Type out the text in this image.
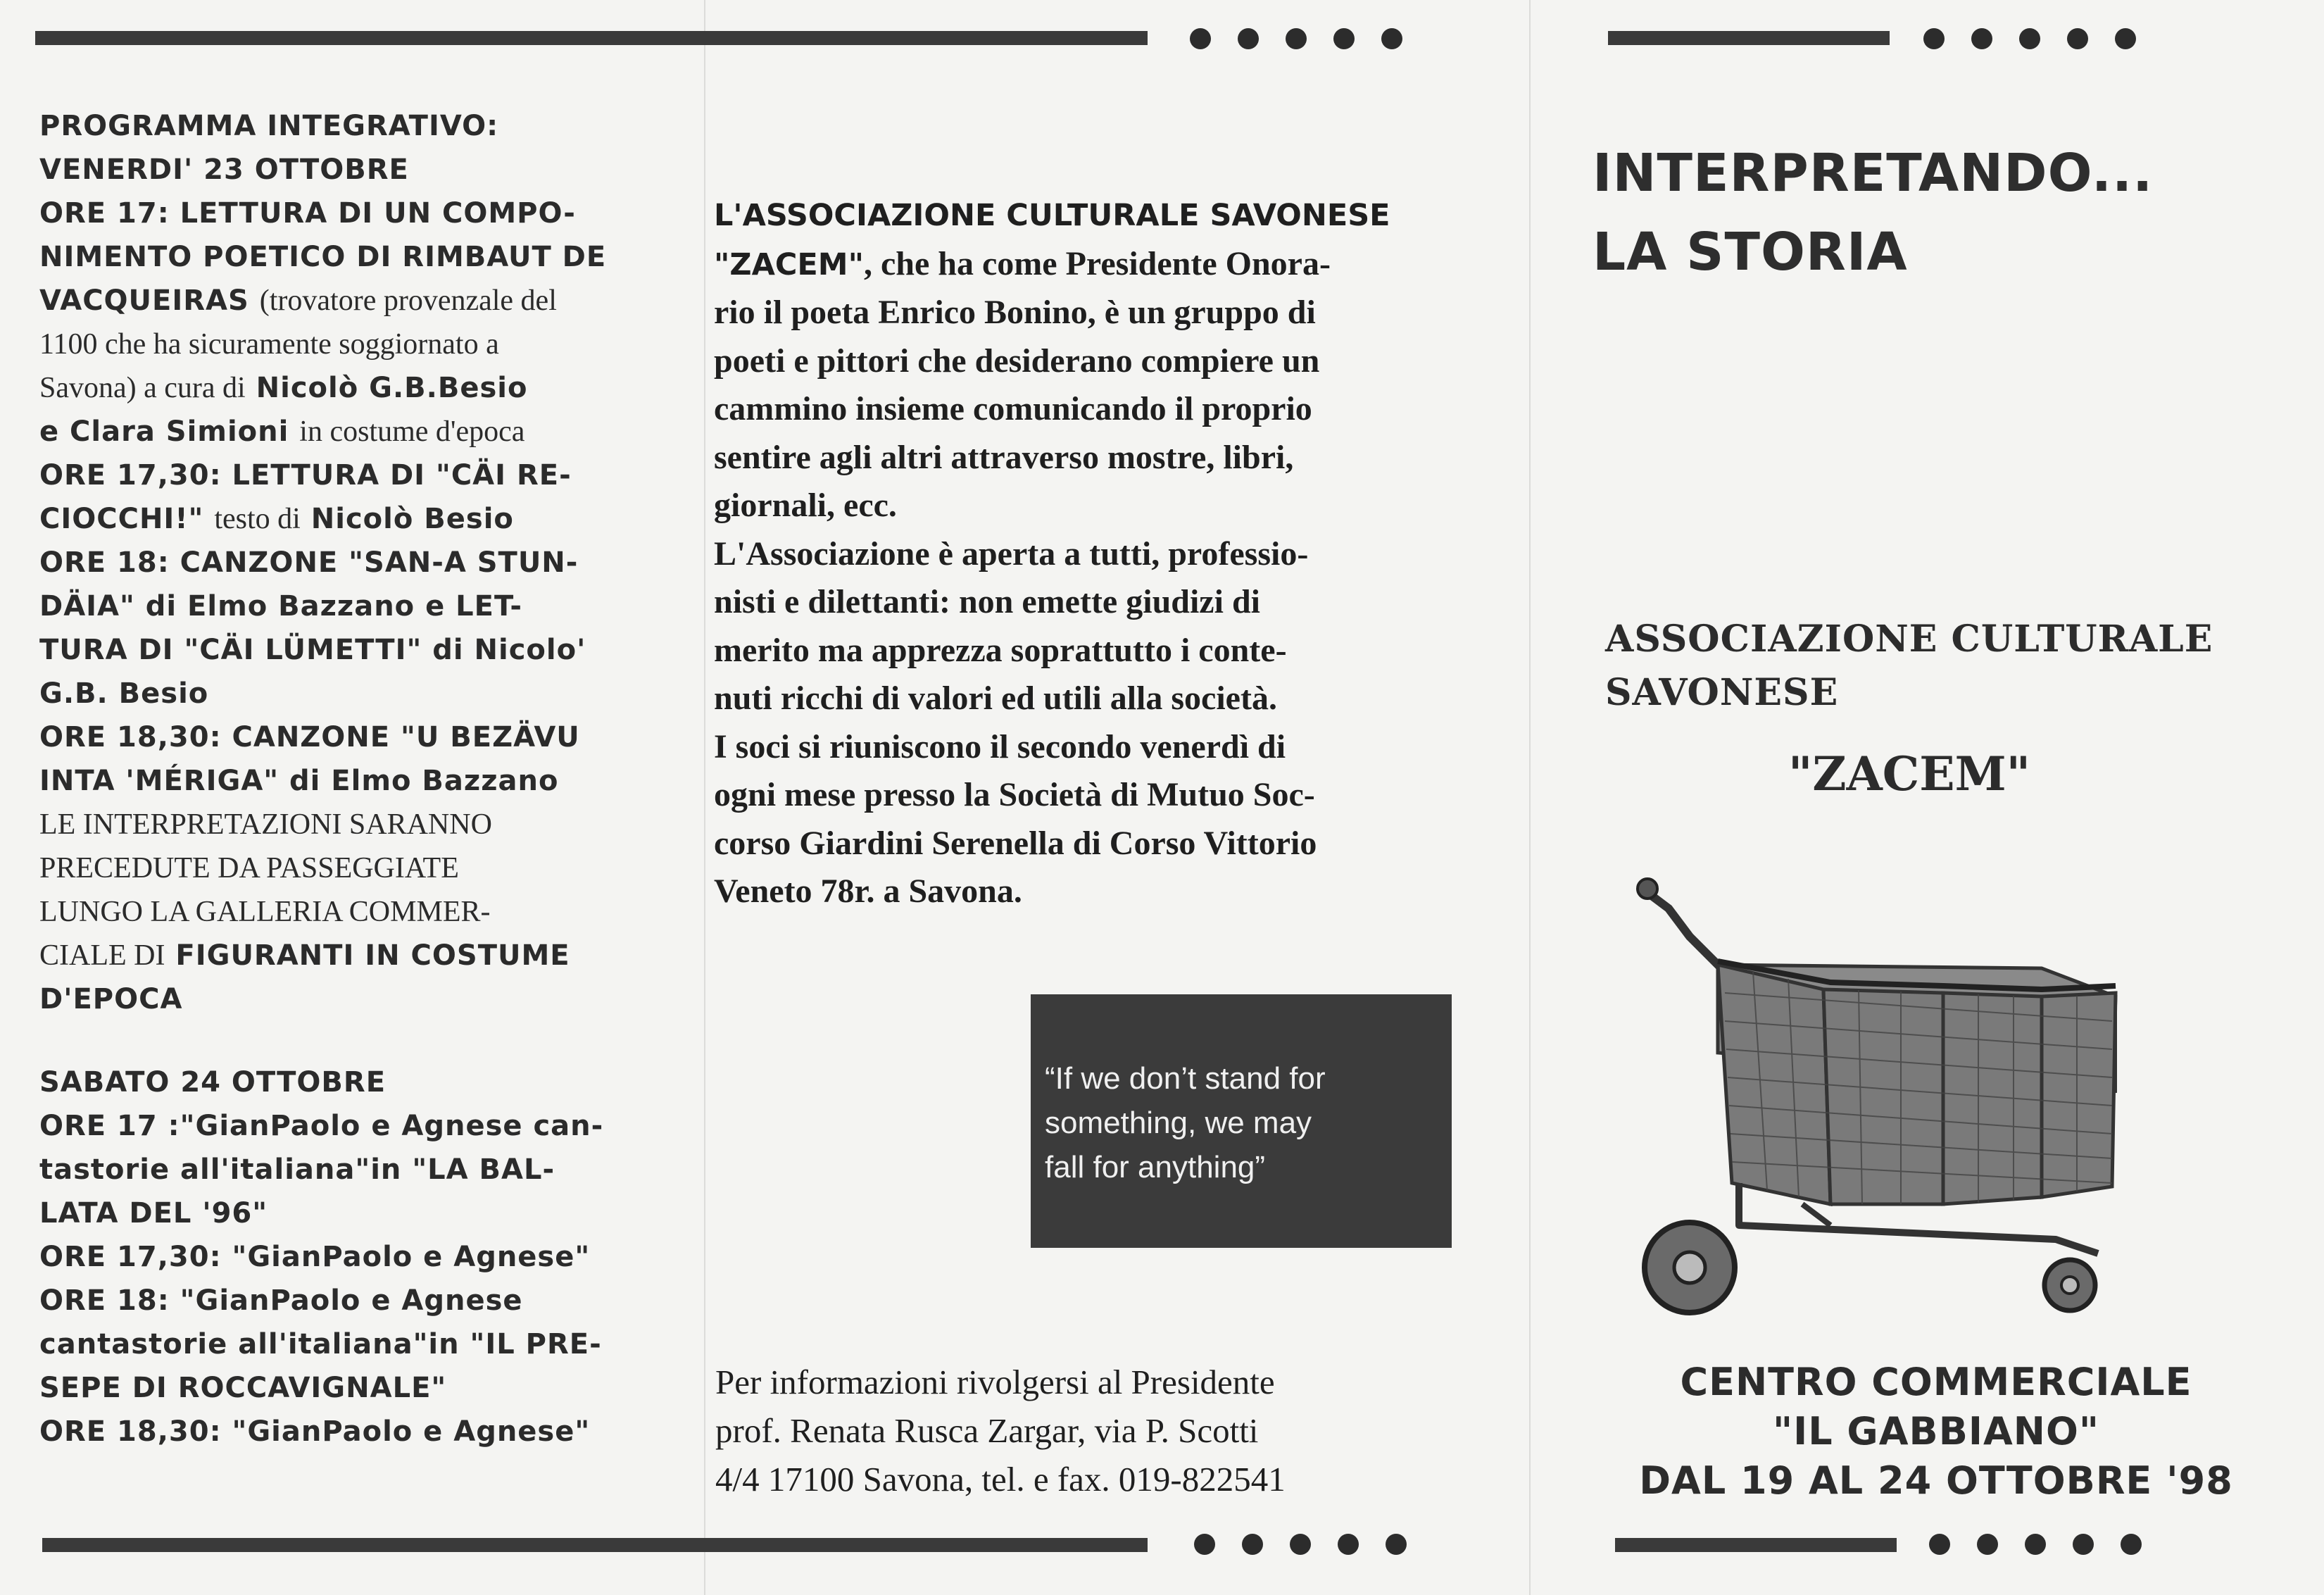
PROGRAMMA INTEGRATIVO:
VENERDI' 23 OTTOBRE
ORE 17: LETTURA DI UN COMPO-
NIMENTO POETICO DI RIMBAUT DE
VACQUEIRAS (trovatore provenzale del
1100 che ha sicuramente soggiornato a
Savona) a cura di Nicolò G.B.Besio
e Clara Simioni in costume d'epoca
ORE 17,30: LETTURA DI "CÄI RE-
CIOCCHI!" testo di Nicolò Besio
ORE 18: CANZONE "SAN-A STUN-
DÄIA" di Elmo Bazzano e LET-
TURA DI "CÄI LÜMETTI" di Nicolo'
G.B. Besio
ORE 18,30: CANZONE "U BEZÄVU
INTA 'MÉRIGA" di Elmo Bazzano
LE INTERPRETAZIONI SARANNO
PRECEDUTE DA PASSEGGIATE
LUNGO LA GALLERIA COMMER-
CIALE DI FIGURANTI IN COSTUME
D'EPOCA
SABATO 24 OTTOBRE
ORE 17 :"GianPaolo e Agnese can-
tastorie all'italiana"in "LA BAL-
LATA DEL '96"
ORE 17,30: "GianPaolo e Agnese"
ORE 18: "GianPaolo e Agnese
cantastorie all'italiana"in "IL PRE-
SEPE DI ROCCAVIGNALE"
ORE 18,30: "GianPaolo e Agnese"
L'ASSOCIAZIONE CULTURALE SAVONESE
"ZACEM", che ha come Presidente Onora-
rio il poeta Enrico Bonino, è un gruppo di
poeti e pittori che desiderano compiere un
cammino insieme comunicando il proprio
sentire agli altri attraverso mostre, libri,
giornali, ecc.
L'Associazione è aperta a tutti, professio-
nisti e dilettanti: non emette giudizi di
merito ma apprezza soprattutto i conte-
nuti ricchi di valori ed utili alla società.
I soci si riuniscono il secondo venerdì di
ogni mese presso la Società di Mutuo Soc-
corso Giardini Serenella di Corso Vittorio
Veneto 78r. a Savona.
“If we don’t stand for
something, we may
fall for anything”
Per informazioni rivolgersi al Presidente
prof. Renata Rusca Zargar, via P. Scotti
4/4 17100 Savona, tel. e fax. 019-822541
INTERPRETANDO...
LA STORIA
ASSOCIAZIONE CULTURALE
SAVONESE
"ZACEM"
CENTRO COMMERCIALE
"IL GABBIANO"
DAL 19 AL 24 OTTOBRE '98
